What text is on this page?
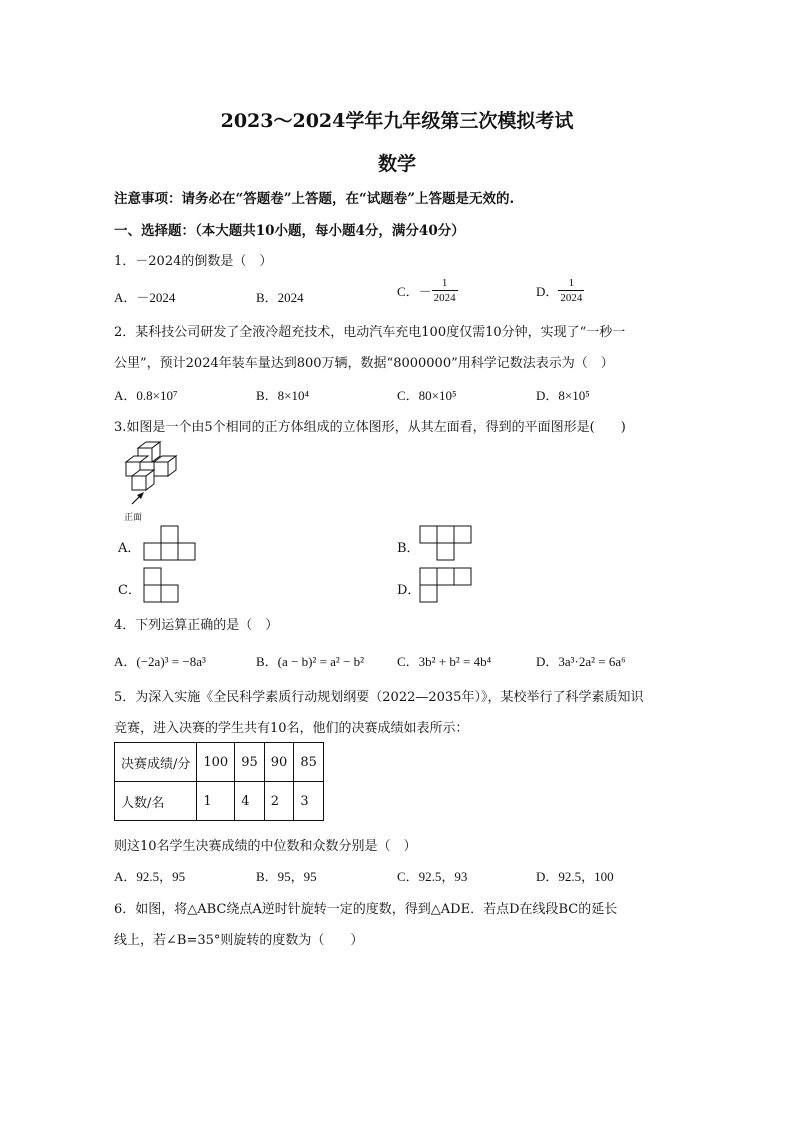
2023～2024学年九年级第三次模拟考试
数学
注意事项：请务必在“答题卷”上答题，在“试题卷”上答题是无效的.
一、选择题：（本大题共10小题，每小题4分，满分40分）
1．－2024的倒数是（　）
A．－2024	B．2024	C．－ $\frac{1}{2024}$	D． $\frac{1}{2024}$
2．某科技公司研发了全液冷超充技术，电动汽车充电100度仅需10分钟，实现了“一秒一
公里”，预计2024年装车量达到800万辆，数据“8000000”用科学记数法表示为（　）
A．0.8×10⁷	B．8×10⁴	C．80×10⁵	D．8×10⁵
3.如图是一个由5个相同的正方体组成的立体图形，从其左面看，得到的平面图形是(　　)
正面
A．	B．
C．	D．
4．下列运算正确的是（　）
A．(−2a)³ = −8a³	B．(a − b)² = a² − b²	C．3b² + b² = 4b⁴	D．3a³·2a² = 6a⁶
5．为深入实施《全民科学素质行动规划纲要（2022—2035年）》，某校举行了科学素质知识
竞赛，进入决赛的学生共有10名，他们的决赛成绩如表所示：
决赛成绩/分	100	95	90	85
人数/名	1	4	2	3
则这10名学生决赛成绩的中位数和众数分别是（　）
A．92.5，95	B．95，95	C．92.5，93	D．92.5，100
6．如图，将△ABC绕点A逆时针旋转一定的度数，得到△ADE．若点D在线段BC的延长
线上，若∠B=35°则旋转的度数为（　　）
